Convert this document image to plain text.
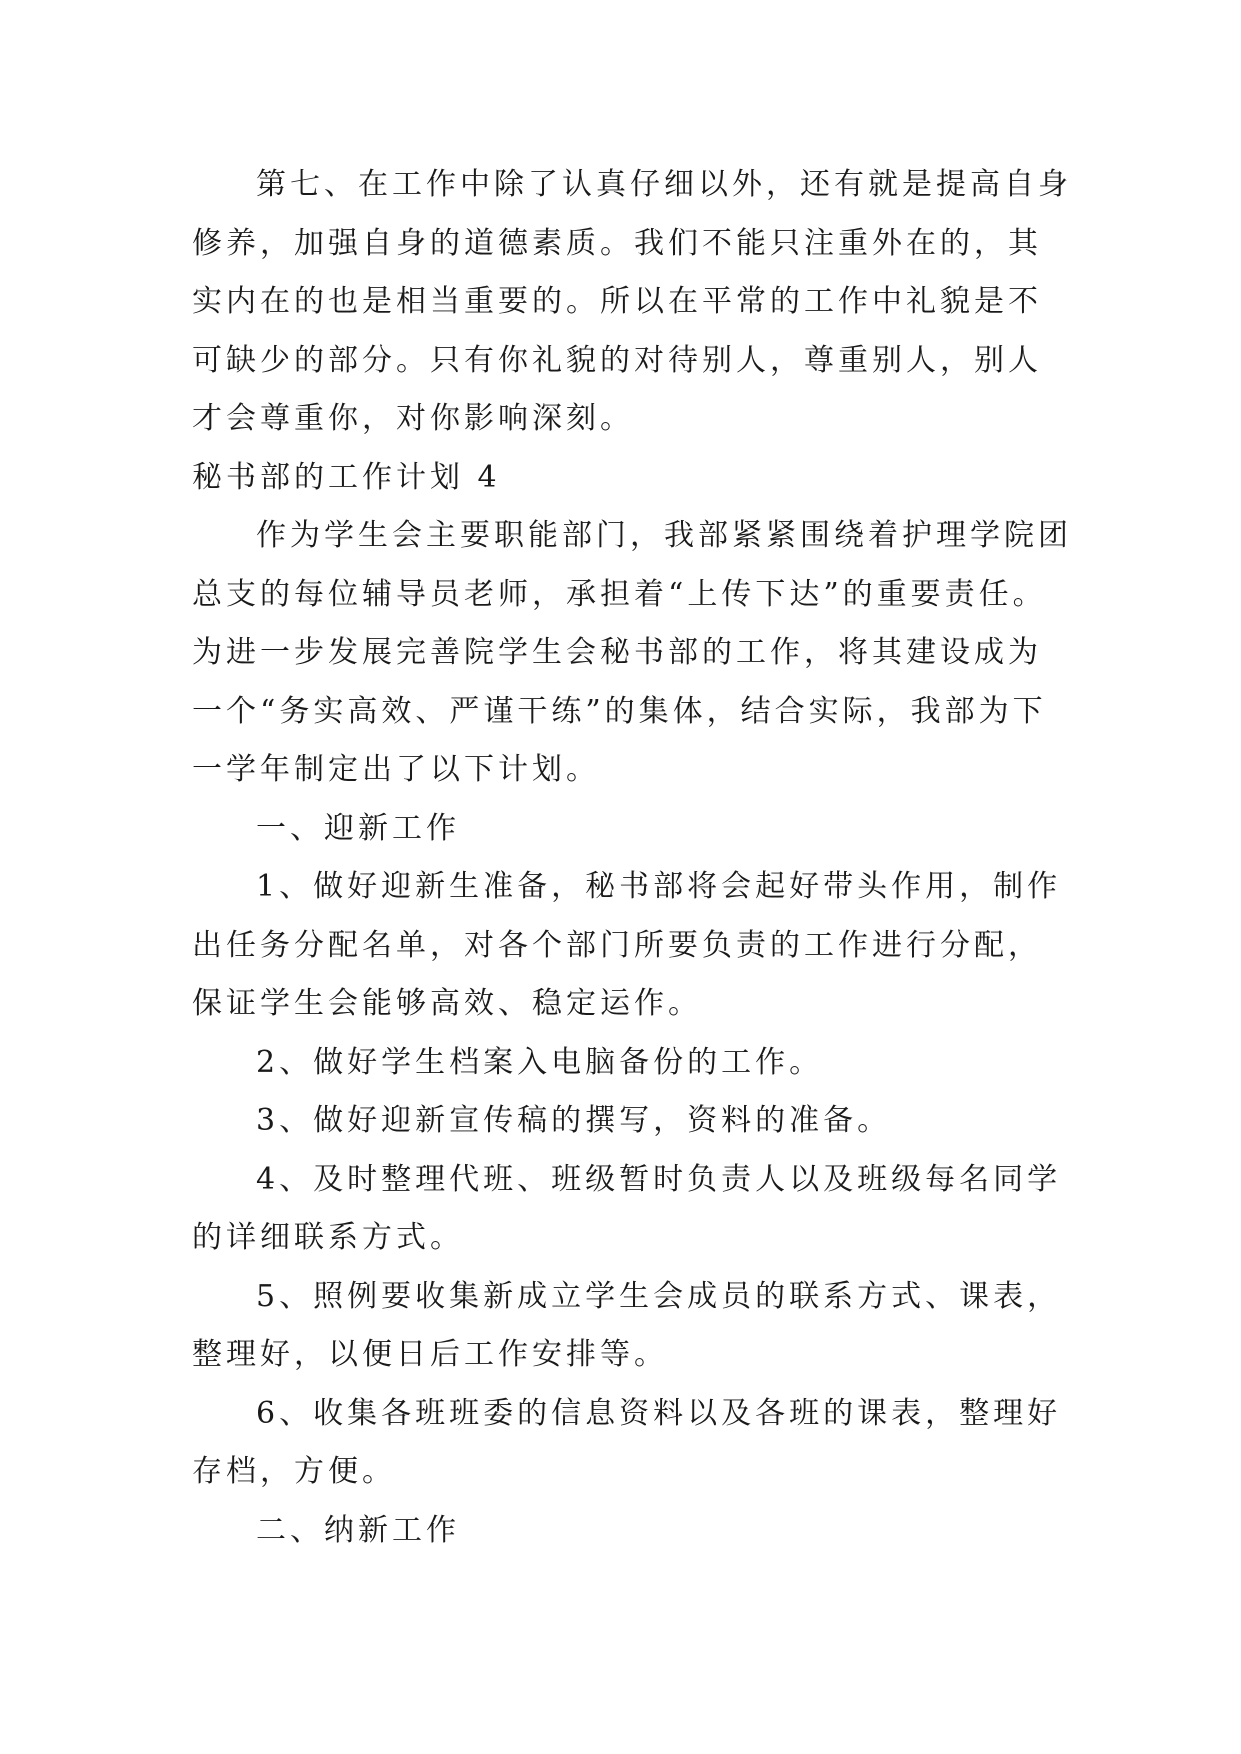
第七、在工作中除了认真仔细以外，还有就是提高自身修养，加强自身的道德素质。我们不能只注重外在的，其实内在的也是相当重要的。所以在平常的工作中礼貌是不可缺少的部分。只有你礼貌的对待别人，尊重别人，别人才会尊重你，对你影响深刻。

秘书部的工作计划 4

作为学生会主要职能部门，我部紧紧围绕着护理学院团总支的每位辅导员老师，承担着“上传下达”的重要责任。为进一步发展完善院学生会秘书部的工作，将其建设成为一个“务实高效、严谨干练”的集体，结合实际，我部为下一学年制定出了以下计划。

一、迎新工作

1、做好迎新生准备，秘书部将会起好带头作用，制作出任务分配名单，对各个部门所要负责的工作进行分配，保证学生会能够高效、稳定运作。

2、做好学生档案入电脑备份的工作。

3、做好迎新宣传稿的撰写，资料的准备。

4、及时整理代班、班级暂时负责人以及班级每名同学的详细联系方式。

5、照例要收集新成立学生会成员的联系方式、课表，整理好，以便日后工作安排等。

6、收集各班班委的信息资料以及各班的课表，整理好存档，方便。

二、纳新工作
